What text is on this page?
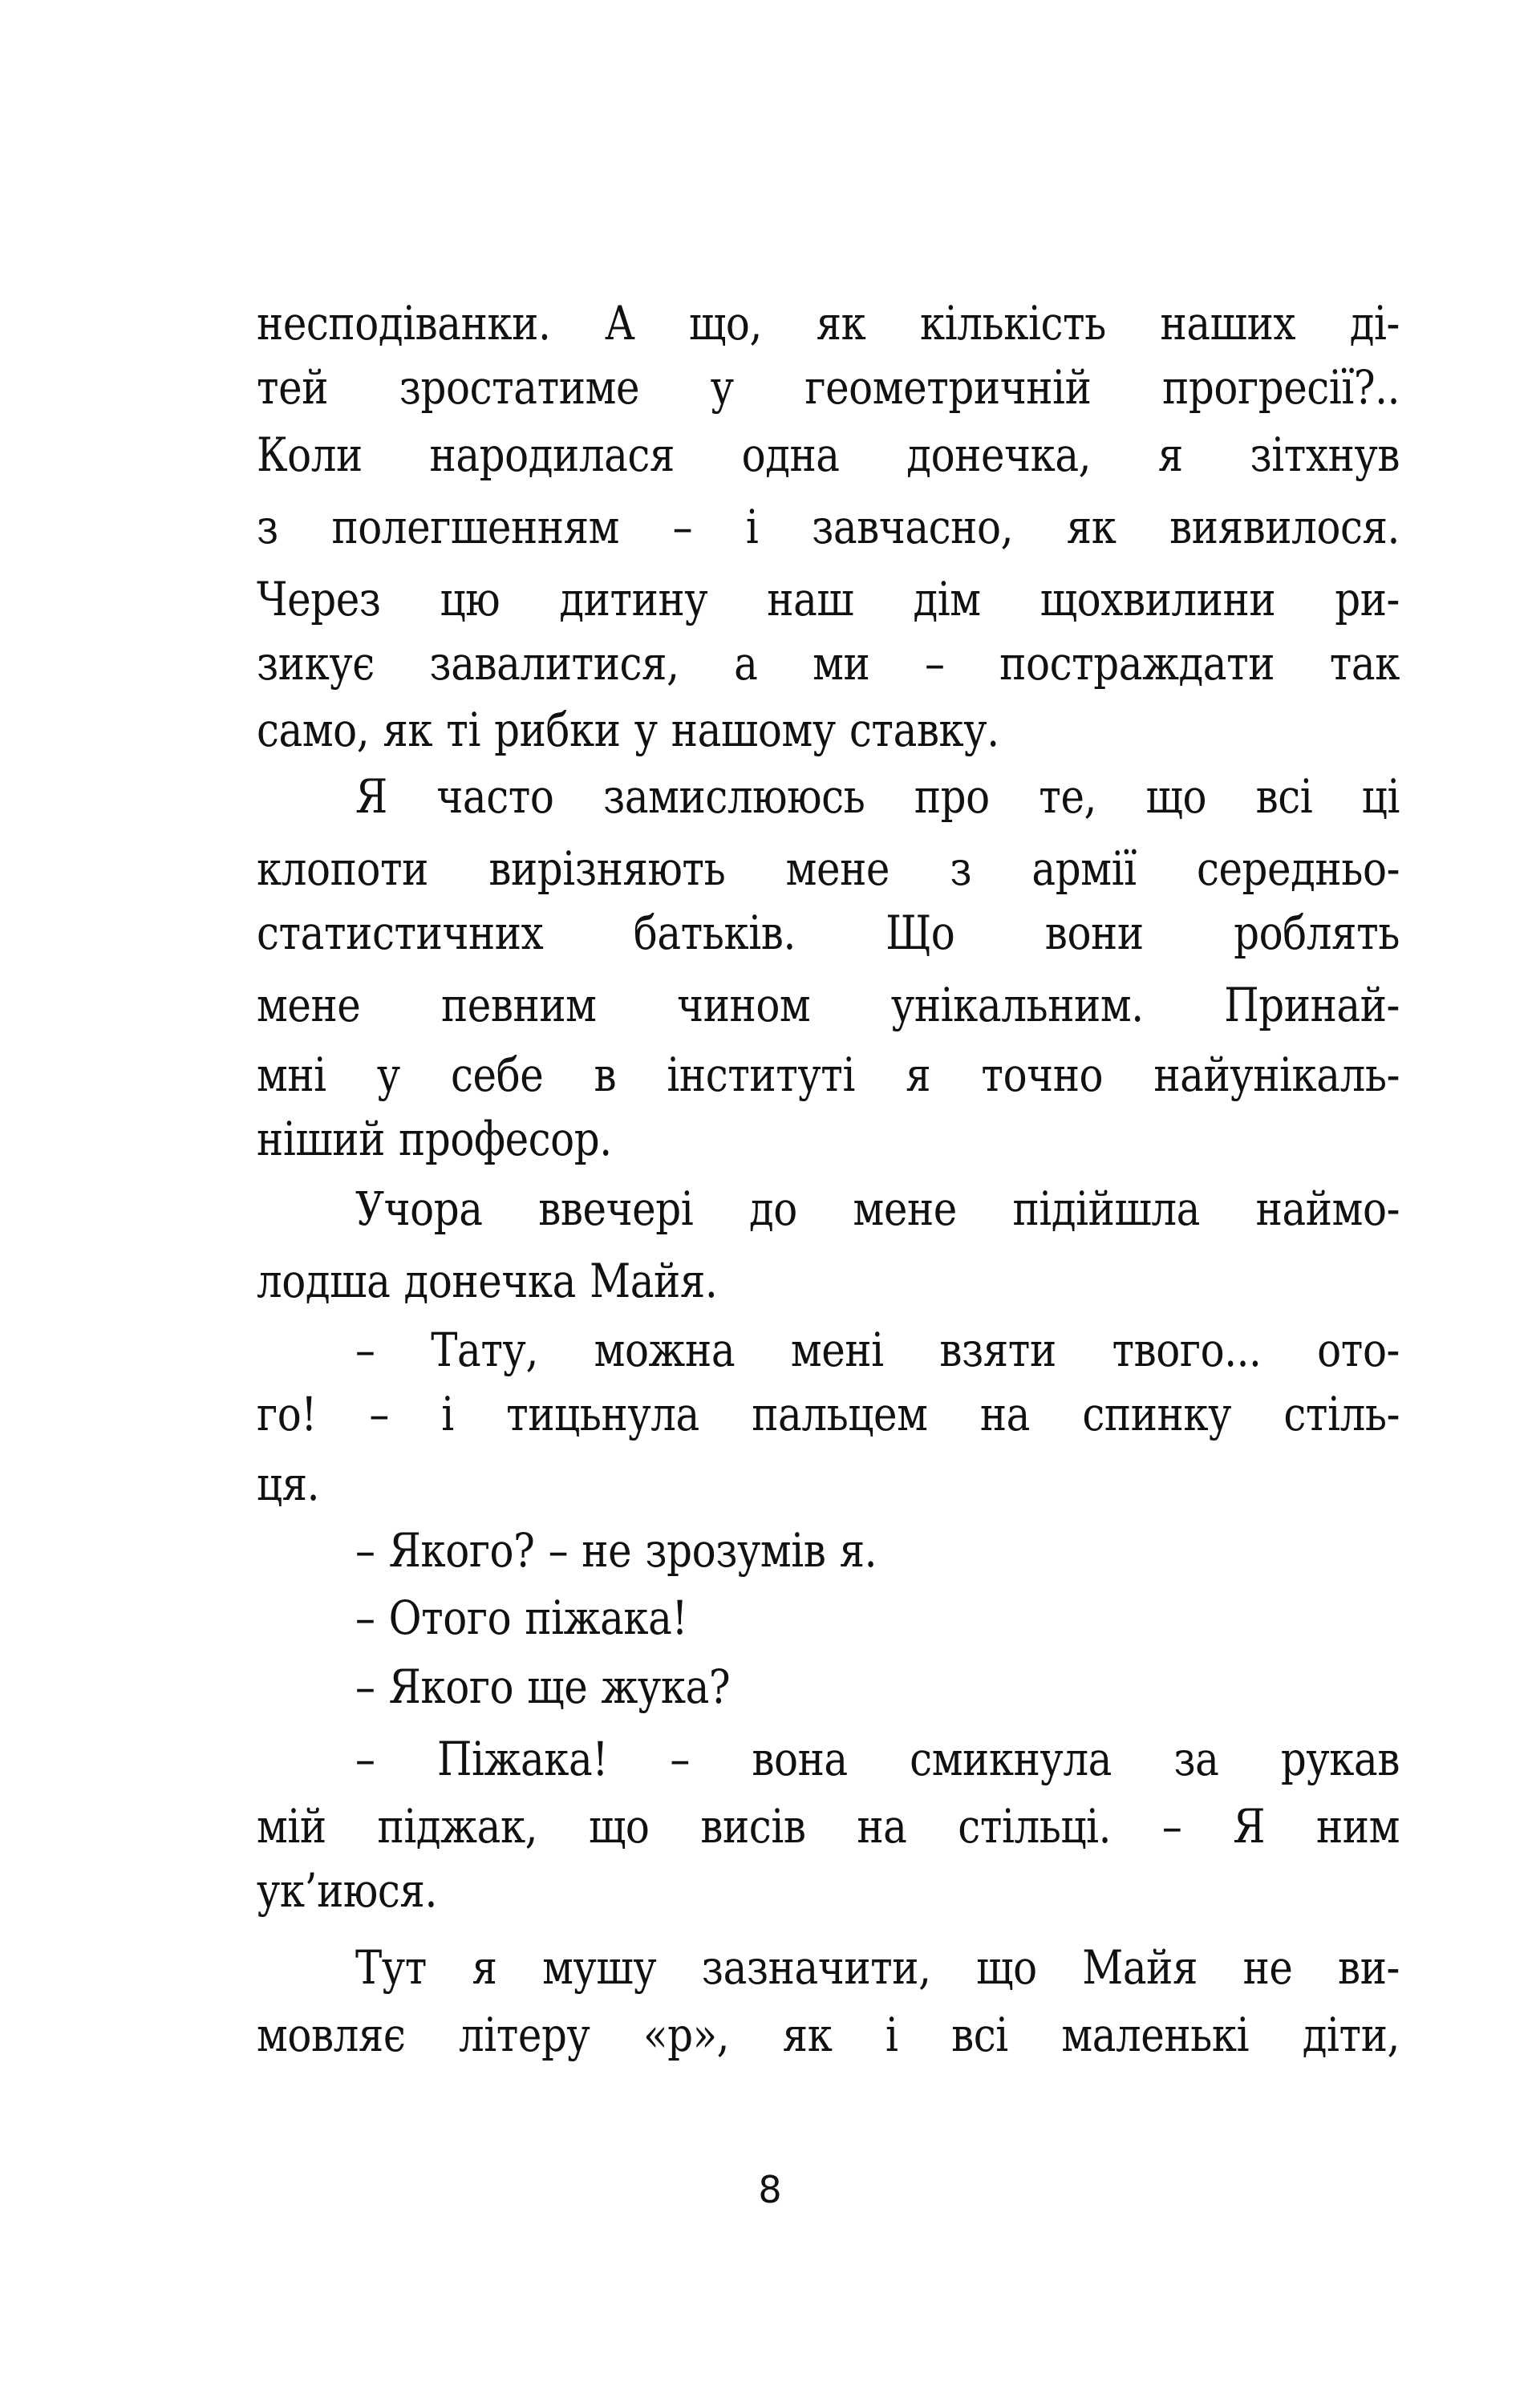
несподіванки. А що, як кількість наших ді-
тей зростатиме у геометричній прогресії?..
Коли народилася одна донечка, я зітхнув
з полегшенням – і завчасно, як виявилося.
Через цю дитину наш дім щохвилини ри-
зикує завалитися, а ми – постраждати так
само, як ті рибки у нашому ставку.
Я часто замислююсь про те, що всі ці
клопоти вирізняють мене з армії середньо-
статистичних батьків. Що вони роблять
мене певним чином унікальним. Принай-
мні у себе в інституті я точно найунікаль-
ніший професор.
Учора ввечері до мене підійшла наймо-
лодша донечка Майя.
– Тату, можна мені взяти твого... ото-
го! – і тицьнула пальцем на спинку стіль-
ця.
– Якого? – не зрозумів я.
– Отого піжака!
– Якого ще жука?
– Піжака! – вона смикнула за рукав
мій піджак, що висів на стільці. – Я ним
ук’июся.
Тут я мушу зазначити, що Майя не ви-
мовляє літеру «р», як і всі маленькі діти,
8
